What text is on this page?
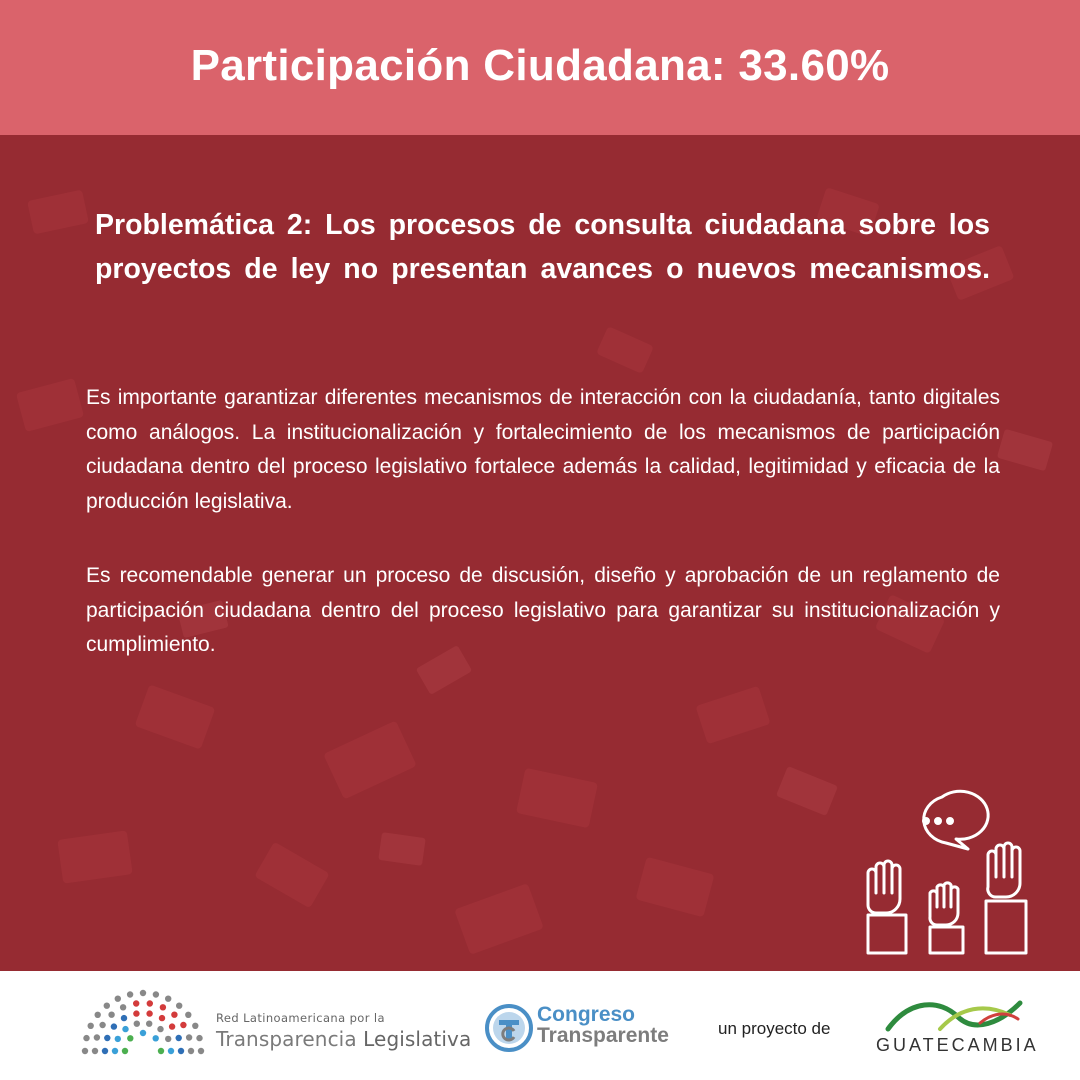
Participación Ciudadana: 33.60%
Problemática 2: Los procesos de consulta ciudadana sobre los proyectos de ley no presentan avances o nuevos mecanismos.

Es importante garantizar diferentes mecanismos de interacción con la ciudadanía, tanto digitales como análogos. La institucionalización y fortalecimiento de los mecanismos de participación ciudadana dentro del proceso legislativo fortalece además la calidad, legitimidad y eficacia de la producción legislativa.

Es recomendable generar un proceso de discusión, diseño y aprobación de un reglamento de participación ciudadana dentro del proceso legislativo para garantizar su institucionalización y cumplimiento.

Red Latinoamericana por la
Transparencia Legislativa
Congreso
Transparente	un proyecto de
GUATECAMBIA
